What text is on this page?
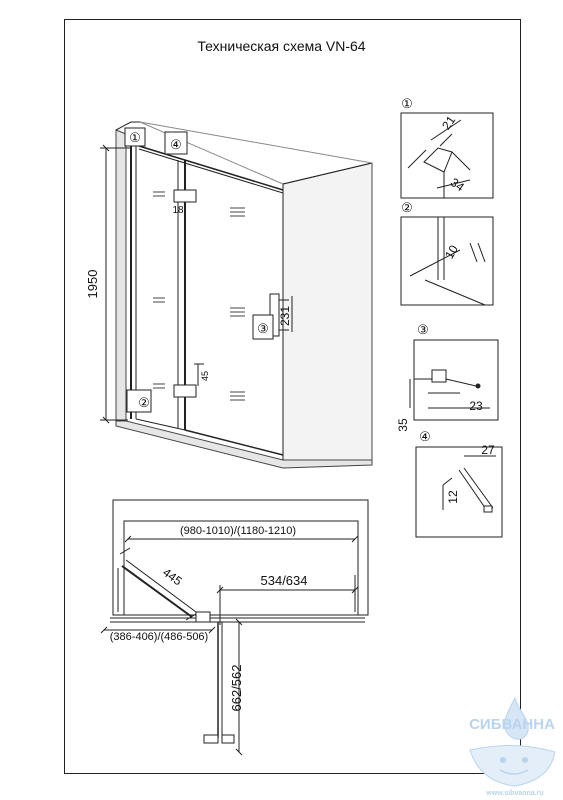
Техническая схема VN-64
1950
18
45
231
① ④
②
③
①
21
34
②
10
③
35
23
④
27
12
(980-1010)/(1180-1210)
445	534/634
(386-406)/(486-506)
662/562
СИБВАННА
www.sibvanna.ru
